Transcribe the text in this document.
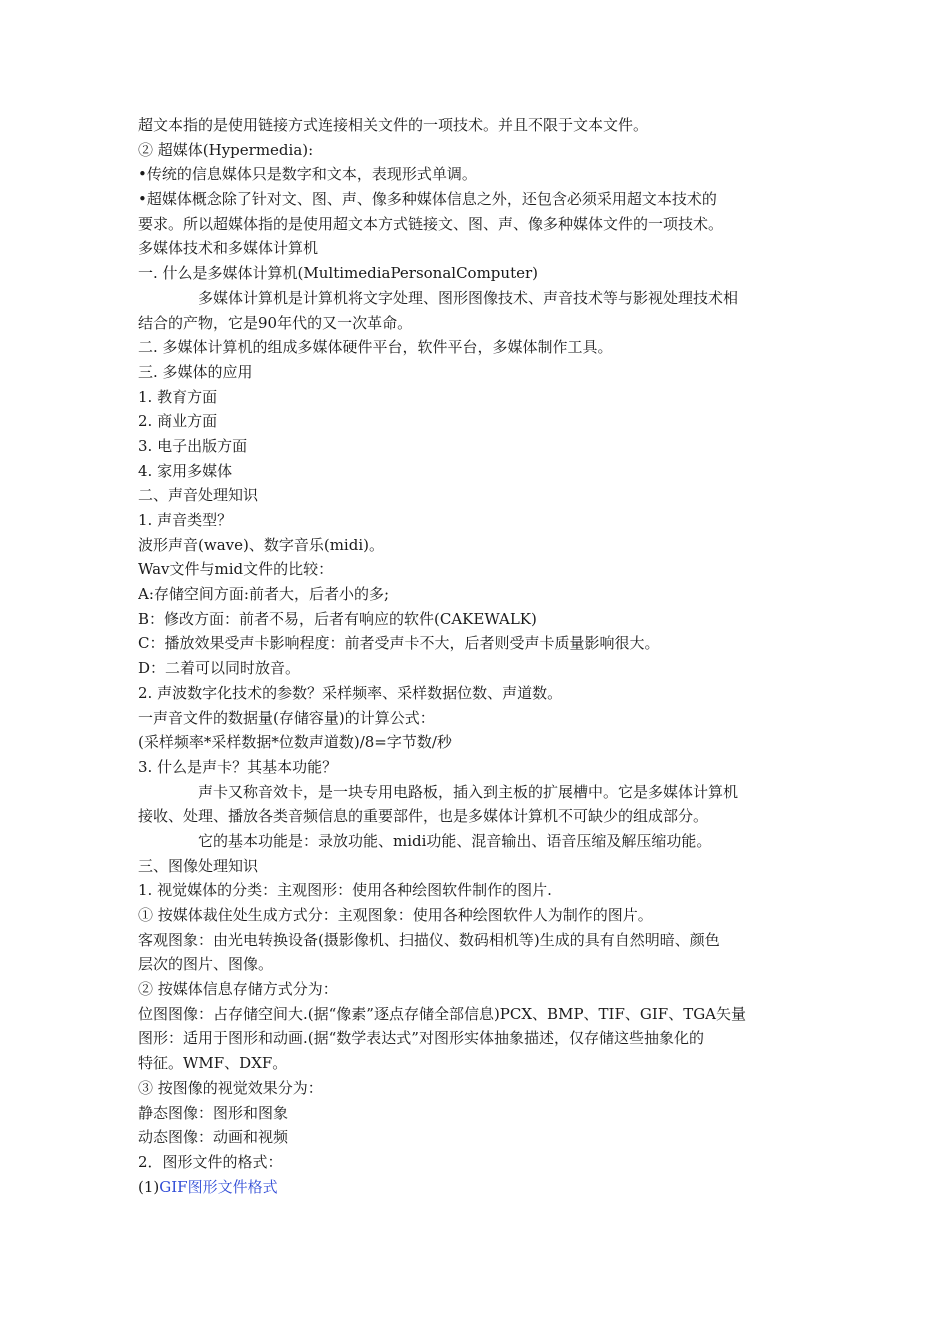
超文本指的是使用链接方式连接相关文件的一项技术。并且不限于文本文件。
② 超媒体(Hypermedia):
•传统的信息媒体只是数字和文本，表现形式单调。
•超媒体概念除了针对文、图、声、像多种媒体信息之外，还包含必须采用超文本技术的
要求。所以超媒体指的是使用超文本方式链接文、图、声、像多种媒体文件的一项技术。
多媒体技术和多媒体计算机
一. 什么是多媒体计算机(MultimediaPersonalComputer)
多媒体计算机是计算机将文字处理、图形图像技术、声音技术等与影视处理技术相
结合的产物，它是90年代的又一次革命。
二. 多媒体计算机的组成多媒体硬件平台，软件平台，多媒体制作工具。
三. 多媒体的应用
1. 教育方面
2. 商业方面
3. 电子出版方面
4. 家用多媒体
二、声音处理知识
1. 声音类型？
波形声音(wave)、数字音乐(midi)。
Wav文件与mid文件的比较：
A:存储空间方面:前者大，后者小的多;
B：修改方面：前者不易，后者有响应的软件(CAKEWALK)
C：播放效果受声卡影响程度：前者受声卡不大，后者则受声卡质量影响很大。
D：二着可以同时放音。
2. 声波数字化技术的参数？采样频率、采样数据位数、声道数。
一声音文件的数据量(存储容量)的计算公式：
(采样频率*采样数据*位数声道数)/8=字节数/秒
3. 什么是声卡？其基本功能？
声卡又称音效卡，是一块专用电路板，插入到主板的扩展槽中。它是多媒体计算机
接收、处理、播放各类音频信息的重要部件，也是多媒体计算机不可缺少的组成部分。
它的基本功能是：录放功能、midi功能、混音输出、语音压缩及解压缩功能。
三、图像处理知识
1. 视觉媒体的分类：主观图形：使用各种绘图软件制作的图片.
① 按媒体裁住处生成方式分：主观图象：使用各种绘图软件人为制作的图片。
客观图象：由光电转换设备(摄影像机、扫描仪、数码相机等)生成的具有自然明暗、颜色
层次的图片、图像。
② 按媒体信息存储方式分为：
位图图像：占存储空间大.(据“像素”逐点存储全部信息)PCX、BMP、TIF、GIF、TGA矢量
图形：适用于图形和动画.(据“数学表达式”对图形实体抽象描述，仅存储这些抽象化的
特征。WMF、DXF。
③ 按图像的视觉效果分为：
静态图像：图形和图象
动态图像：动画和视频
2．图形文件的格式：
(1)GIF图形文件格式
